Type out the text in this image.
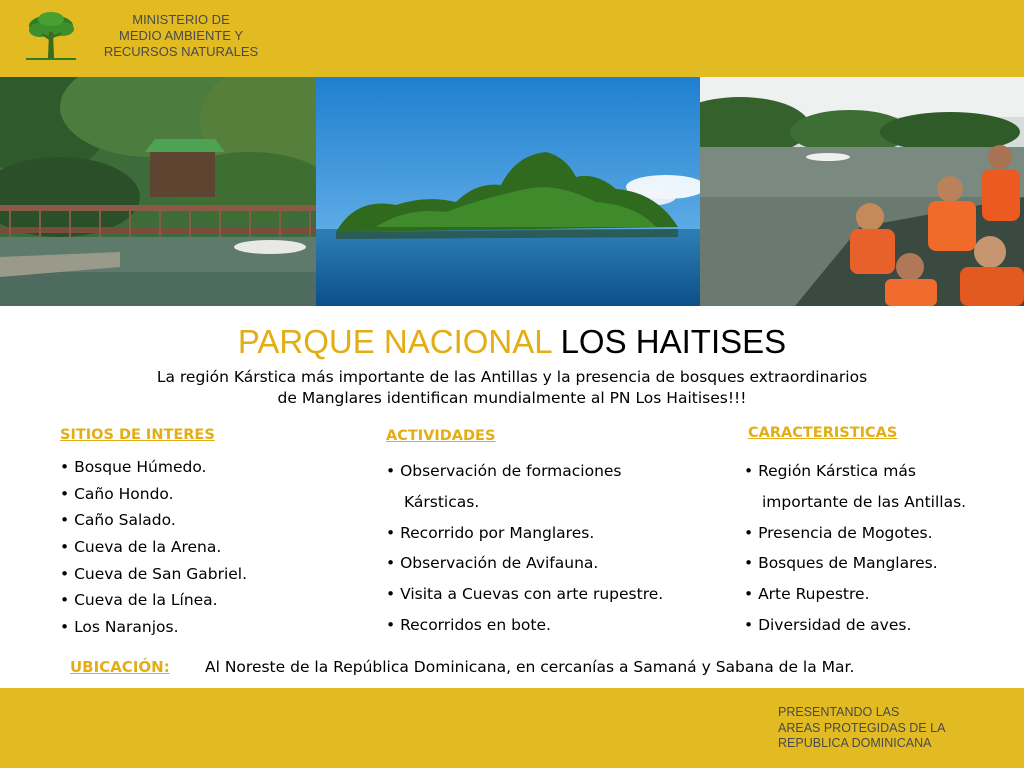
MINISTERIO DE
MEDIO AMBIENTE Y
RECURSOS NATURALES
PARQUE NACIONAL LOS HAITISES
La región Kárstica más importante de las Antillas y la presencia de bosques extraordinarios de Manglares identifican mundialmente al PN Los Haitises!!!
SITIOS DE INTERES
• Bosque Húmedo.
• Caño Hondo.
• Caño Salado.
• Cueva de la Arena.
• Cueva de San Gabriel.
• Cueva de la Línea.
• Los Naranjos.
ACTIVIDADES
• Observación de formaciones
Kársticas.
• Recorrido por Manglares.
• Observación de Avifauna.
• Visita a Cuevas con arte rupestre.
• Recorridos en bote.
CARACTERISTICAS
• Región Kárstica más
importante de las Antillas.
• Presencia de Mogotes.
• Bosques de Manglares.
• Arte Rupestre.
• Diversidad de aves.
UBICACIÓN: Al Noreste de la República Dominicana, en cercanías a Samaná y Sabana de la Mar.
PRESENTANDO LAS
AREAS PROTEGIDAS DE LA
REPUBLICA DOMINICANA
